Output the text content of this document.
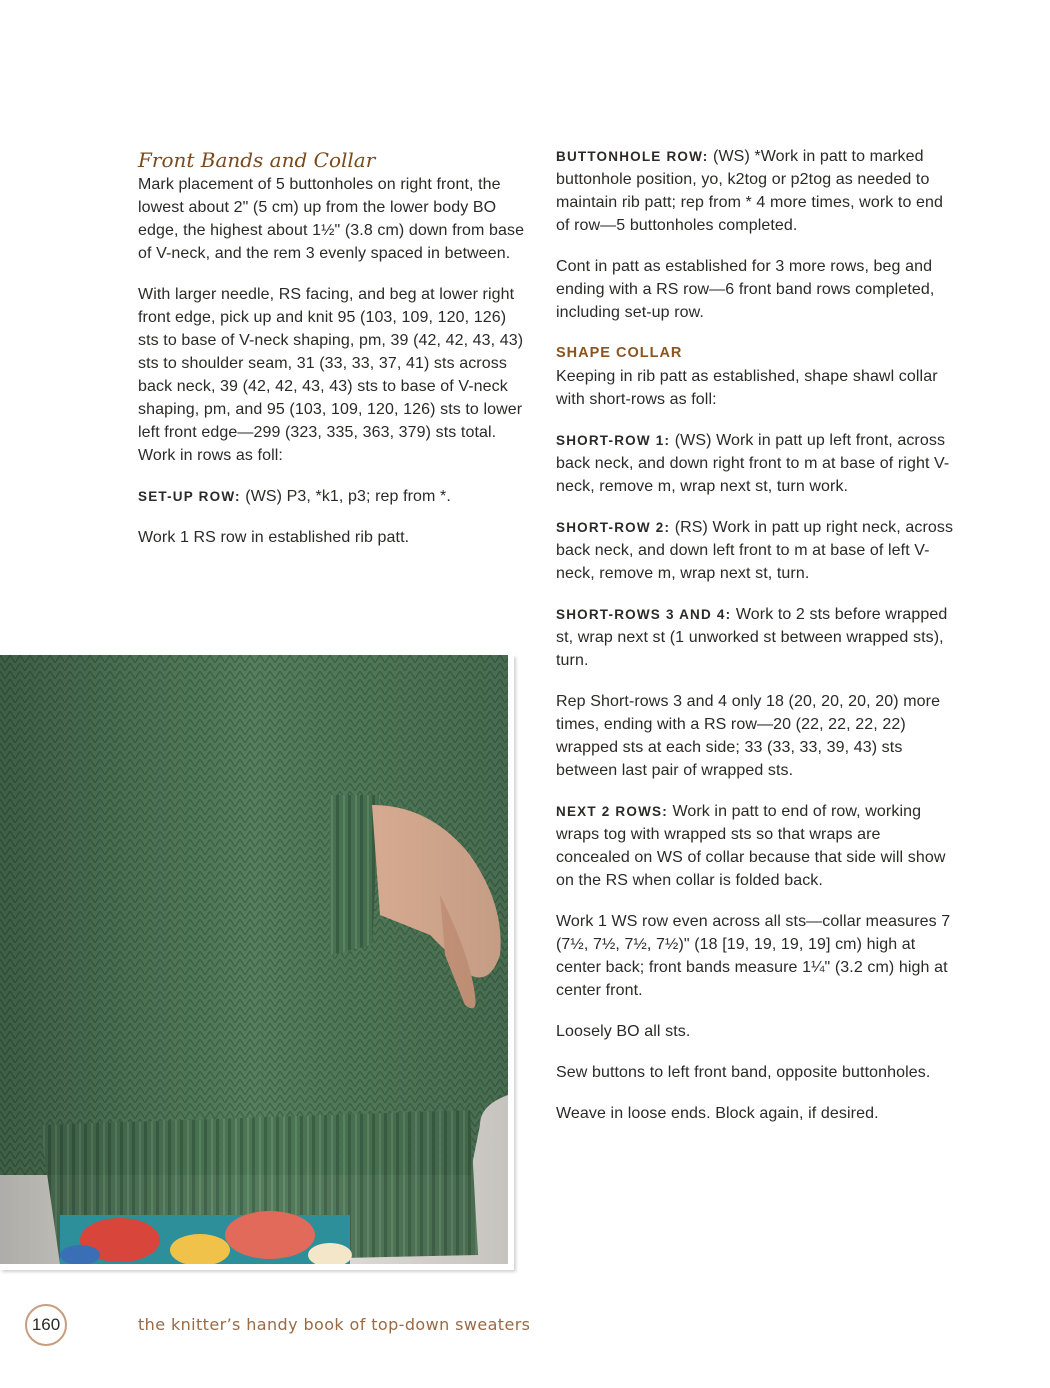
Front Bands and Collar

Mark placement of 5 buttonholes on right front, the lowest about 2" (5 cm) up from the lower body BO edge, the highest about 1½" (3.8 cm) down from base of V-neck, and the rem 3 evenly spaced in between.

With larger needle, RS facing, and beg at lower right front edge, pick up and knit 95 (103, 109, 120, 126) sts to base of V-neck shaping, pm, 39 (42, 42, 43, 43) sts to shoulder seam, 31 (33, 33, 37, 41) sts across back neck, 39 (42, 42, 43, 43) sts to base of V-neck shaping, pm, and 95 (103, 109, 120, 126) sts to lower left front edge—299 (323, 335, 363, 379) sts total. Work in rows as foll:

SET-UP ROW: (WS) P3, *k1, p3; rep from *.

Work 1 RS row in established rib patt.

BUTTONHOLE ROW: (WS) *Work in patt to marked buttonhole position, yo, k2tog or p2tog as needed to maintain rib patt; rep from * 4 more times, work to end of row—5 buttonholes completed.

Cont in patt as established for 3 more rows, beg and ending with a RS row—6 front band rows completed, including set-up row.

SHAPE COLLAR

Keeping in rib patt as established, shape shawl collar with short-rows as foll:

SHORT-ROW 1: (WS) Work in patt up left front, across back neck, and down right front to m at base of right V-neck, remove m, wrap next st, turn work.

SHORT-ROW 2: (RS) Work in patt up right neck, across back neck, and down left front to m at base of left V-neck, remove m, wrap next st, turn.

SHORT-ROWS 3 AND 4: Work to 2 sts before wrapped st, wrap next st (1 unworked st between wrapped sts), turn.

Rep Short-rows 3 and 4 only 18 (20, 20, 20, 20) more times, ending with a RS row—20 (22, 22, 22, 22) wrapped sts at each side; 33 (33, 33, 39, 43) sts between last pair of wrapped sts.

NEXT 2 ROWS: Work in patt to end of row, working wraps tog with wrapped sts so that wraps are concealed on WS of collar because that side will show on the RS when collar is folded back.

Work 1 WS row even across all sts—collar measures 7 (7½, 7½, 7½, 7½)" (18 [19, 19, 19, 19] cm) high at center back; front bands measure 1¼" (3.2 cm) high at center front.

Loosely BO all sts.

Sew buttons to left front band, opposite buttonholes.

Weave in loose ends. Block again, if desired.

160	the knitter’s handy book of top-down sweaters
